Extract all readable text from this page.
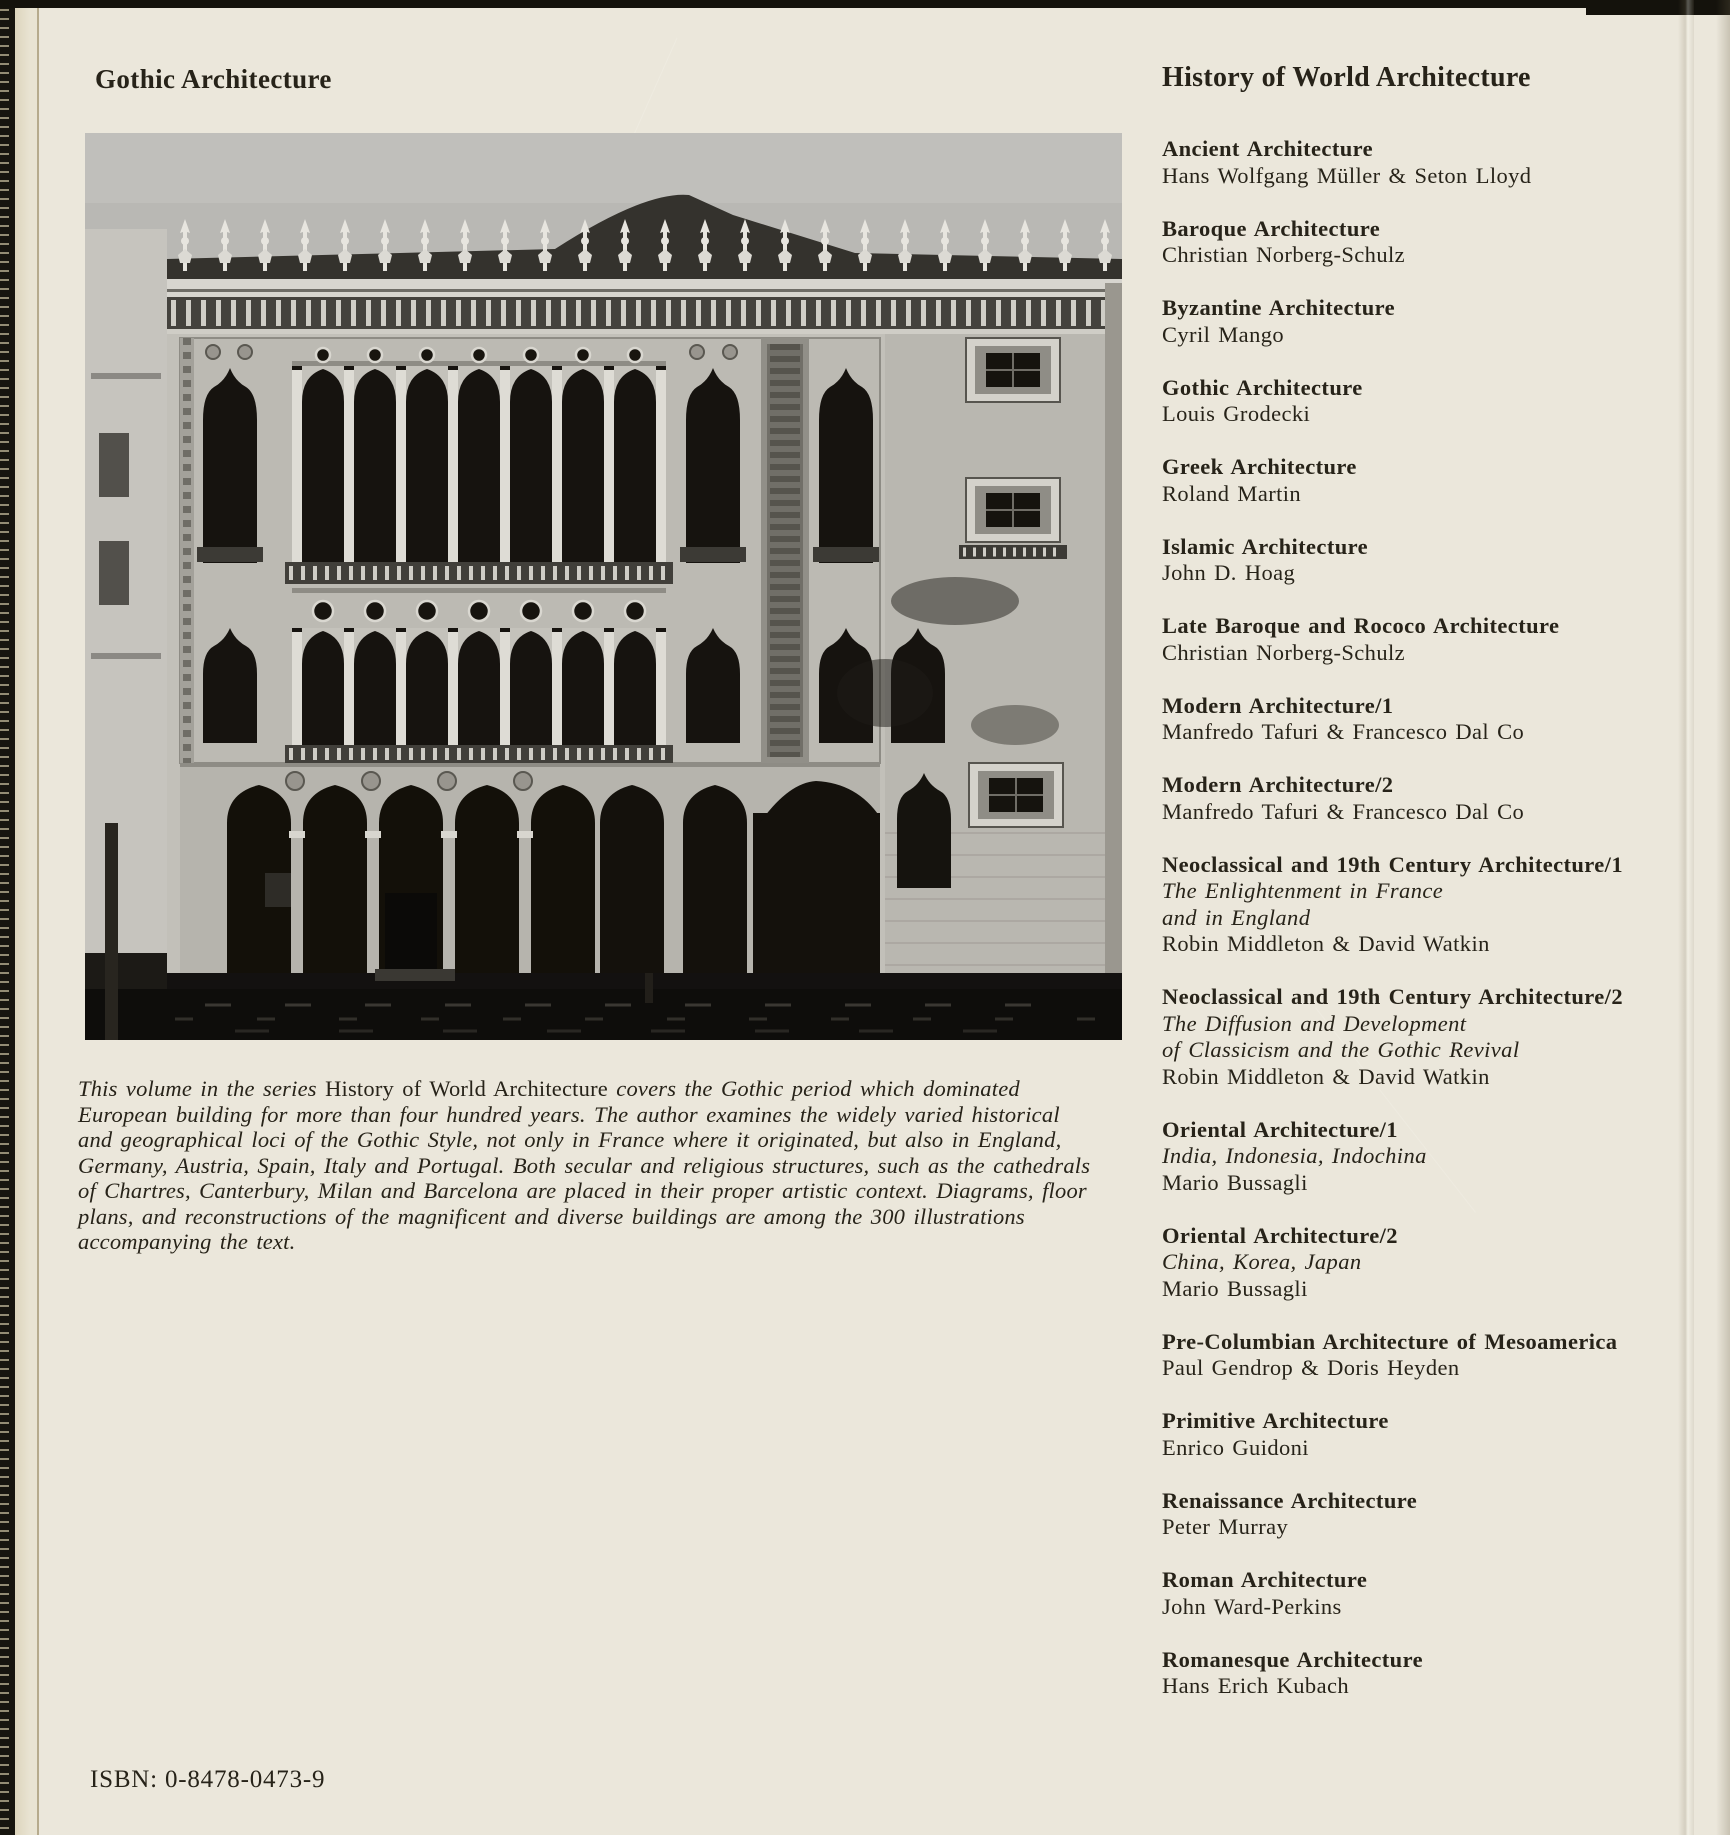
Gothic Architecture

This volume in the series History of World Architecture covers the Gothic period which dominated European building for more than four hundred years. The author examines the widely varied historical and geographical loci of the Gothic Style, not only in France where it originated, but also in England, Germany, Austria, Spain, Italy and Portugal. Both secular and religious structures, such as the cathedrals of Chartres, Canterbury, Milan and Barcelona are placed in their proper artistic context. Diagrams, floor plans, and reconstructions of the magnificent and diverse buildings are among the 300 illustrations accompanying the text.

History of World Architecture
Ancient Architecture
Hans Wolfgang Müller & Seton Lloyd
Baroque Architecture
Christian Norberg-Schulz
Byzantine Architecture
Cyril Mango
Gothic Architecture
Louis Grodecki
Greek Architecture
Roland Martin
Islamic Architecture
John D. Hoag
Late Baroque and Rococo Architecture
Christian Norberg-Schulz
Modern Architecture/1
Manfredo Tafuri & Francesco Dal Co
Modern Architecture/2
Manfredo Tafuri & Francesco Dal Co
Neoclassical and 19th Century Architecture/1
The Enlightenment in France
and in England
Robin Middleton & David Watkin
Neoclassical and 19th Century Architecture/2
The Diffusion and Development
of Classicism and the Gothic Revival
Robin Middleton & David Watkin
Oriental Architecture/1
India, Indonesia, Indochina
Mario Bussagli
Oriental Architecture/2
China, Korea, Japan
Mario Bussagli
Pre-Columbian Architecture of Mesoamerica
Paul Gendrop & Doris Heyden
Primitive Architecture
Enrico Guidoni
Renaissance Architecture
Peter Murray
Roman Architecture
John Ward-Perkins
Romanesque Architecture
Hans Erich Kubach
ISBN: 0-8478-0473-9
